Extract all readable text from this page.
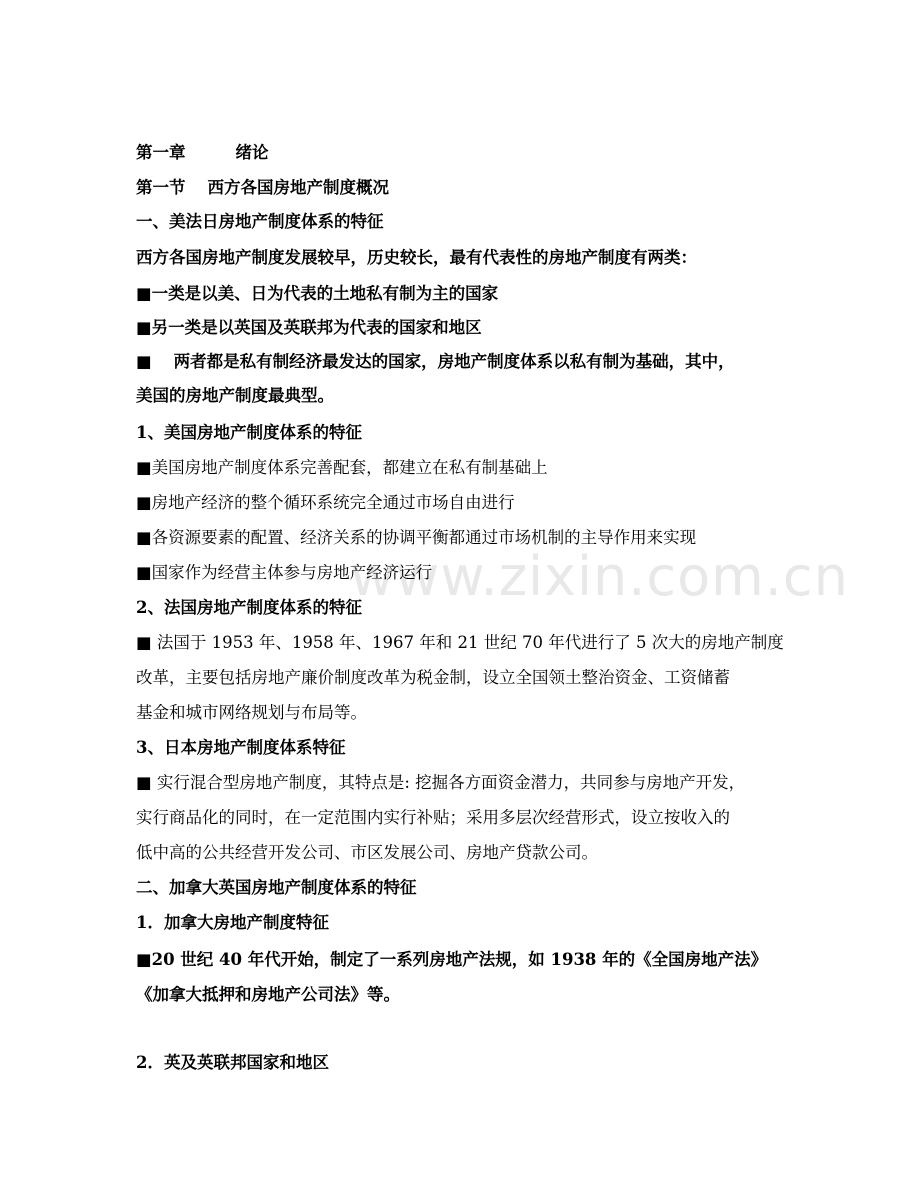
www.zixin.com.cn
第一章	绪论
第一节 西方各国房地产制度概况
一、美法日房地产制度体系的特征
西方各国房地产制度发展较早，历史较长，最有代表性的房地产制度有两类：
■一类是以美、日为代表的土地私有制为主的国家
■另一类是以英国及英联邦为代表的国家和地区
■ 两者都是私有制经济最发达的国家，房地产制度体系以私有制为基础，其中，
美国的房地产制度最典型。
1、美国房地产制度体系的特征
■美国房地产制度体系完善配套，都建立在私有制基础上
■房地产经济的整个循环系统完全通过市场自由进行
■各资源要素的配置、经济关系的协调平衡都通过市场机制的主导作用来实现
■国家作为经营主体参与房地产经济运行
2、法国房地产制度体系的特征
■ 法国于 1953 年、1958 年、1967 年和 21 世纪 70 年代进行了 5 次大的房地产制度
改革，主要包括房地产廉价制度改革为税金制，设立全国领土整治资金、工资储蓄
基金和城市网络规划与布局等。
3、日本房地产制度体系特征
■ 实行混合型房地产制度，其特点是: 挖掘各方面资金潜力，共同参与房地产开发，
实行商品化的同时，在一定范围内实行补贴；采用多层次经营形式，设立按收入的
低中高的公共经营开发公司、市区发展公司、房地产贷款公司。
二、加拿大英国房地产制度体系的特征
1．加拿大房地产制度特征
■20 世纪 40 年代开始，制定了一系列房地产法规，如 1938 年的《全国房地产法》
《加拿大抵押和房地产公司法》等。
2．英及英联邦国家和地区
